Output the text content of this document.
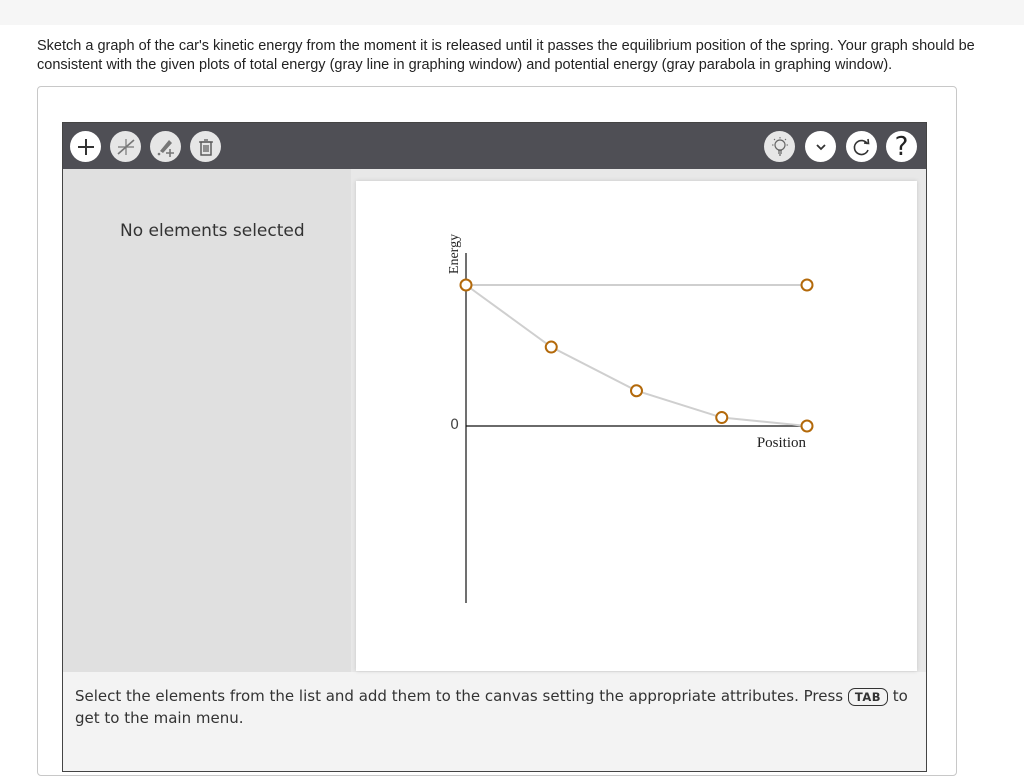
Sketch a graph of the car's kinetic energy from the moment it is released until it passes the equilibrium position of the spring. Your graph should be consistent with the given plots of total energy (gray line in graphing window) and potential energy (gray parabola in graphing window).
?
No elements selected
0
Energy
Position
Select the elements from the list and add them to the canvas setting the appropriate attributes. Press TAB to get to the main menu.
